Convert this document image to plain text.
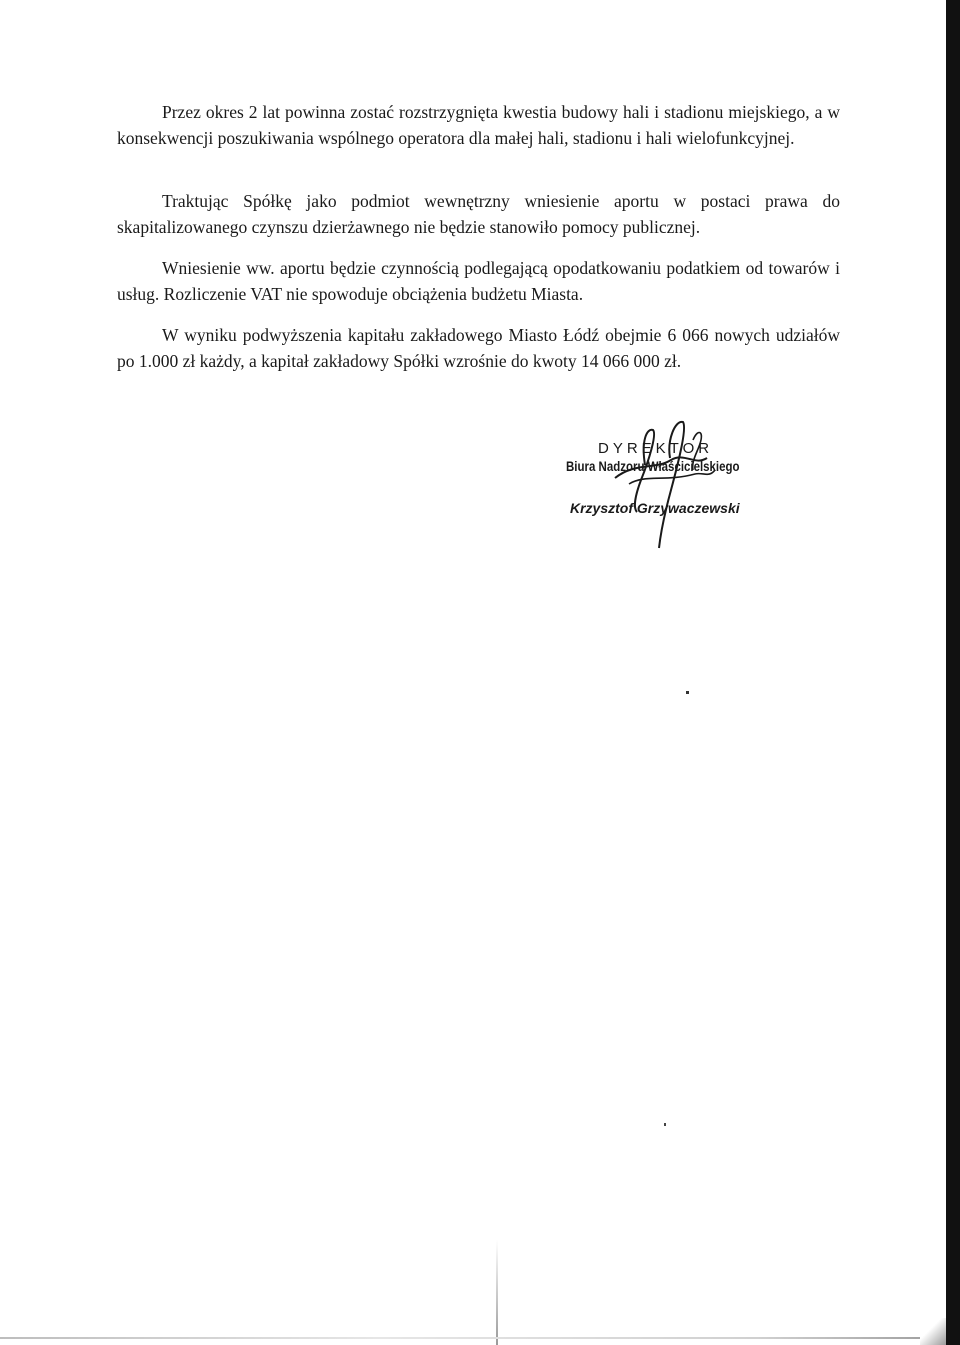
Przez okres 2 lat powinna zostać rozstrzygnięta kwestia budowy hali i stadionu miejskiego, a w konsekwencji poszukiwania wspólnego operatora dla małej hali, stadionu i hali wielofunkcyjnej.

Traktując Spółkę jako podmiot wewnętrzny wniesienie aportu w postaci prawa do skapitalizowanego czynszu dzierżawnego nie będzie stanowiło pomocy publicznej.

Wniesienie ww. aportu będzie czynnością podlegającą opodatkowaniu podatkiem od towarów i usług. Rozliczenie VAT nie spowoduje obciążenia budżetu Miasta.

W wyniku podwyższenia kapitału zakładowego Miasto Łódź obejmie 6 066 nowych udziałów po 1.000 zł każdy, a kapitał zakładowy Spółki wzrośnie do kwoty 14 066 000 zł.

DYREKTOR
Biura Nadzoru Właścicielskiego
Krzysztof Grzywaczewski
